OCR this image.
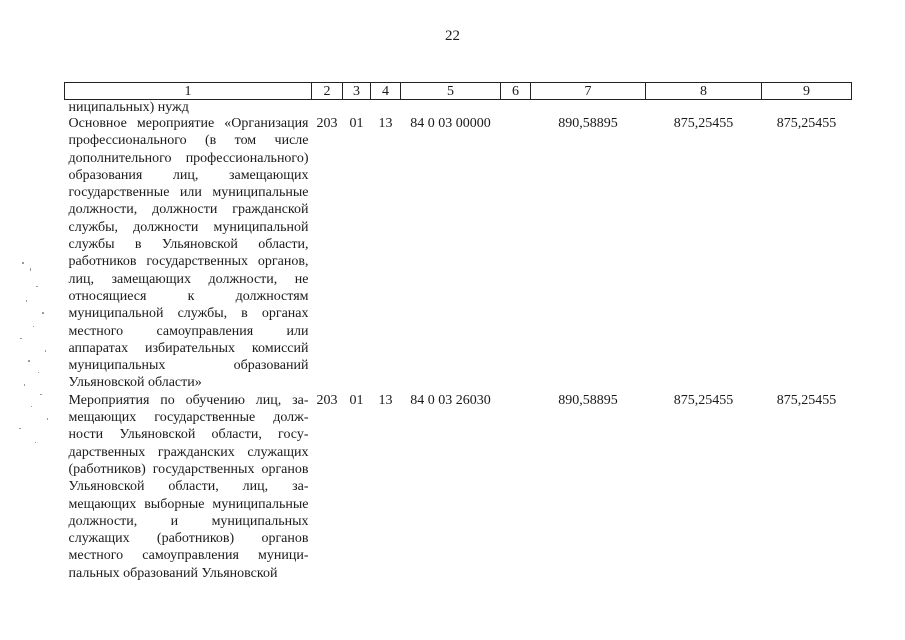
22
1	2	3	4	5	6	7	8	9
ниципальных) нужд								
Основное мероприятие «Организация профессионального (в том числе дополнительного профессионального) образования лиц, замещающих государственные или муниципальные должности, должности гражданской службы, должности муниципальной службы в Ульяновской области, работников государственных органов, лиц, замещающих должности, не относящиеся к должностям муниципальной службы, в органах местного самоуправления или аппаратах избирательных комиссий муниципальных образований Ульяновской области»	203	01	13	84 0 03 00000		890,58895	875,25455	875,25455
Мероприятия по обучению лиц, замещающих государственные должности Ульяновской области, государственных гражданских служащих (работников) государственных органов Ульяновской области, лиц, замещающих выборные муниципальные должности, и муниципальных служащих (работников) органов местного самоуправления муниципальных образований Ульяновской	203	01	13	84 0 03 26030		890,58895	875,25455	875,25455
